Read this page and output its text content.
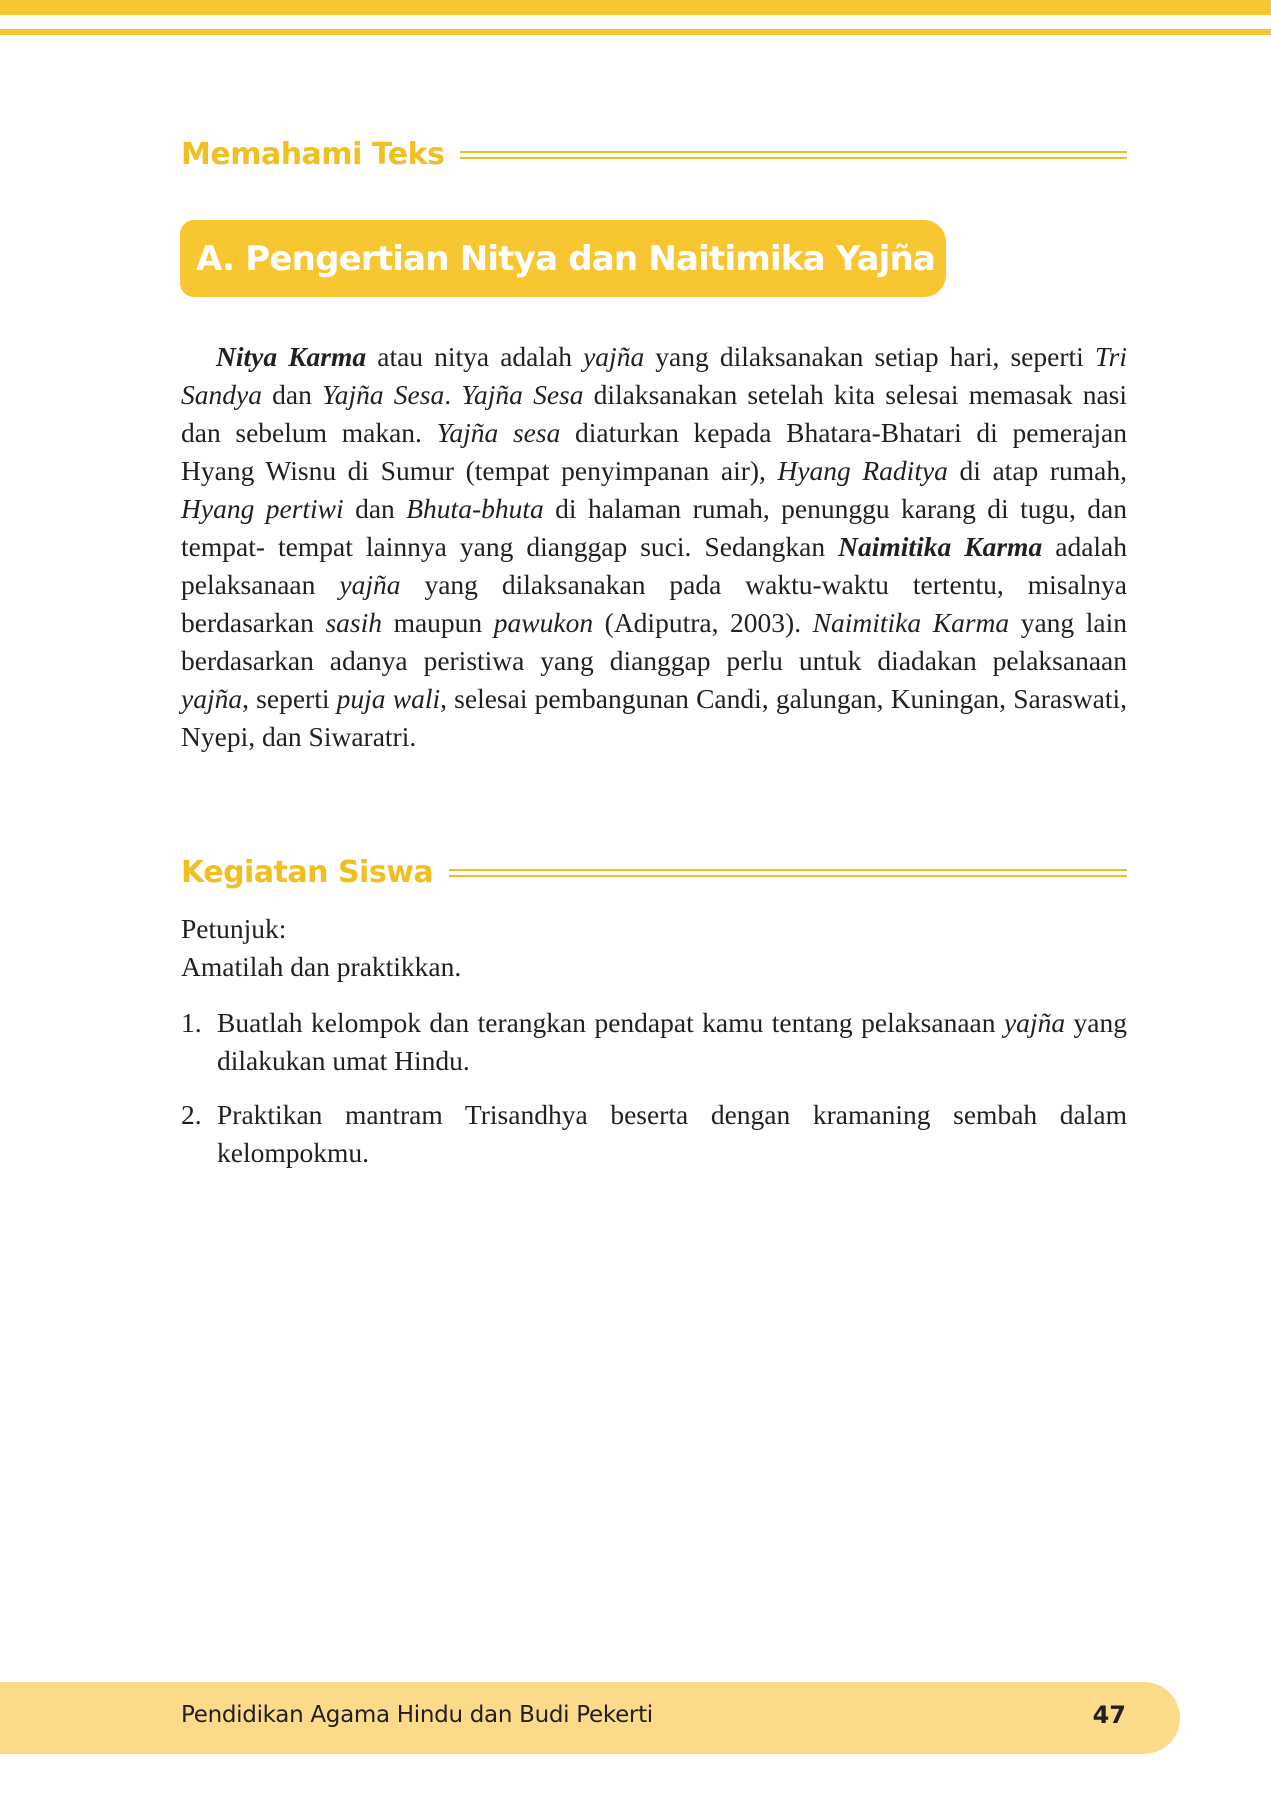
Memahami Teks
A. Pengertian Nitya dan Naitimika Yajña

Nitya Karma atau nitya adalah yajña yang dilaksanakan setiap hari, seperti Tri Sandya dan Yajña Sesa. Yajña Sesa dilaksanakan setelah kita selesai memasak nasi dan sebelum makan. Yajña sesa diaturkan kepada Bhatara-Bhatari di pemerajan Hyang Wisnu di Sumur (tempat penyimpanan air), Hyang Raditya di atap rumah, Hyang pertiwi dan Bhuta-bhuta di halaman rumah, penunggu karang di tugu, dan tempat- tempat lainnya yang dianggap suci. Sedangkan Naimitika Karma adalah pelaksanaan yajña yang dilaksanakan pada waktu-waktu tertentu, misalnya berdasarkan sasih maupun pawukon (Adiputra, 2003). Naimitika Karma yang lain berdasarkan adanya peristiwa yang dianggap perlu untuk diadakan pelaksanaan yajña, seperti puja wali, selesai pembangunan Candi, galungan, Kuningan, Saraswati, Nyepi, dan Siwaratri.

Kegiatan Siswa
Petunjuk:
Amatilah dan praktikkan.
1. Buatlah kelompok dan terangkan pendapat kamu tentang pelaksanaan yajña yang dilakukan umat Hindu.
2. Praktikan mantram Trisandhya beserta dengan kramaning sembah dalam kelompokmu.
Pendidikan Agama Hindu dan Budi Pekerti	47
